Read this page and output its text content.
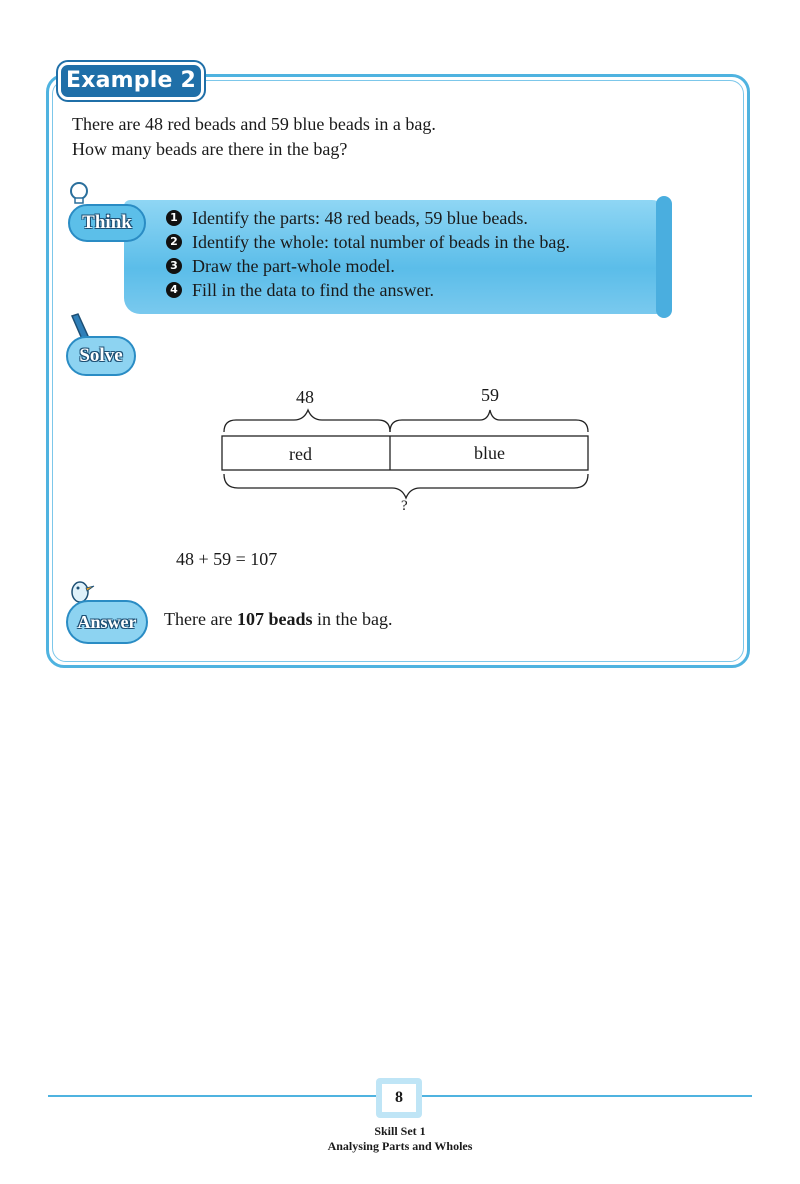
Example 2
There are 48 red beads and 59 blue beads in a bag.
How many beads are there in the bag?
Think	1 Identify the parts: 48 red beads, 59 blue beads.
2 Identify the whole: total number of beads in the bag.
3 Draw the part-whole model.
4 Fill in the data to find the answer.
Solve
48	59
red	blue
?
48 + 59 = 107
Answer	There are 107 beads in the bag.
8
Skill Set 1
Analysing Parts and Wholes
